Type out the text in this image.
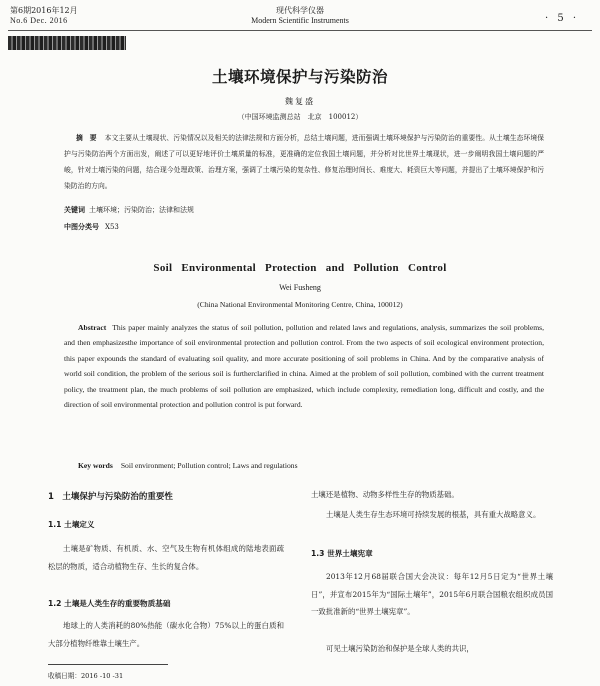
第6期2016年12月
No.6 Dec. 2016
现代科学仪器
Modern Scientific Instruments	· 5 ·
土壤环境保护与污染防治
魏复盛
（中国环境监测总站　北京　100012）
摘　要 本文主要从土壤现状、污染情况以及相关的法律法规和方面分析，总结土壤问题，进而强调土壤环境保护与污染防治的重要性。从土壤生态环境保护与污染防治两个方面出发，阐述了可以更好地评价土壤质量的标准，更准确的定位我国土壤问题，并分析对比世界土壤现状，进一步阐明我国土壤问题的严峻，针对土壤污染的问题，结合现今处理政策、治理方案，强调了土壤污染的复杂性、修复治理时间长、难度大、耗资巨大等问题，并提出了土壤环境保护和污染防治的方向。
关键词 土壤环境；污染防治；法律和法规
中图分类号 X53
Soil Environmental Protection and Pollution Control
Wei Fusheng
(China National Environmental Monitoring Centre, China, 100012)
Abstract This paper mainly analyzes the status of soil pollution, pollution and related laws and regulations, analysis, summarizes the soil problems, and then emphasizesthe importance of soil environmental protection and pollution control. From the two aspects of soil ecological environment protection, this paper expounds the standard of evaluating soil quality, and more accurate positioning of soil problems in China. And by the comparative analysis of world soil condition, the problem of the serious soil is furtherclarified in china. Aimed at the problem of soil pollution, combined with the current treatment policy, the treatment plan, the much problems of soil pollution are emphasized, which include complexity, remediation long, difficult and costly, and the direction of soil environmental protection and pollution control is put forward.
Key words Soil environment; Pollution control; Laws and regulations
1　土壤保护与污染防治的重要性
1.1 土壤定义
土壤是矿物质、有机质、水、空气及生物有机体组成的陆地表面疏松层的物质，适合动植物生存、生长的复合体。
1.2 土壤是人类生存的重要物质基础
地球上的人类消耗的80%热能（碳水化合物）75%以上的蛋白质和大部分植物纤维靠土壤生产。
收稿日期：2016 -10 -31
土壤还是植物、动物多样性生存的物质基础。
土壤是人类生存生态环境可持续发展的根基，具有重大战略意义。
1.3 世界土壤宪章
2013年12月68届联合国大会决议：每年12月5日定为“世界土壤日”，并宣布2015年为“国际土壤年”，2015年6月联合国粮农组织成员国一致批准新的“世界土壤宪章”。
可见土壤污染防治和保护是全球人类的共识，
